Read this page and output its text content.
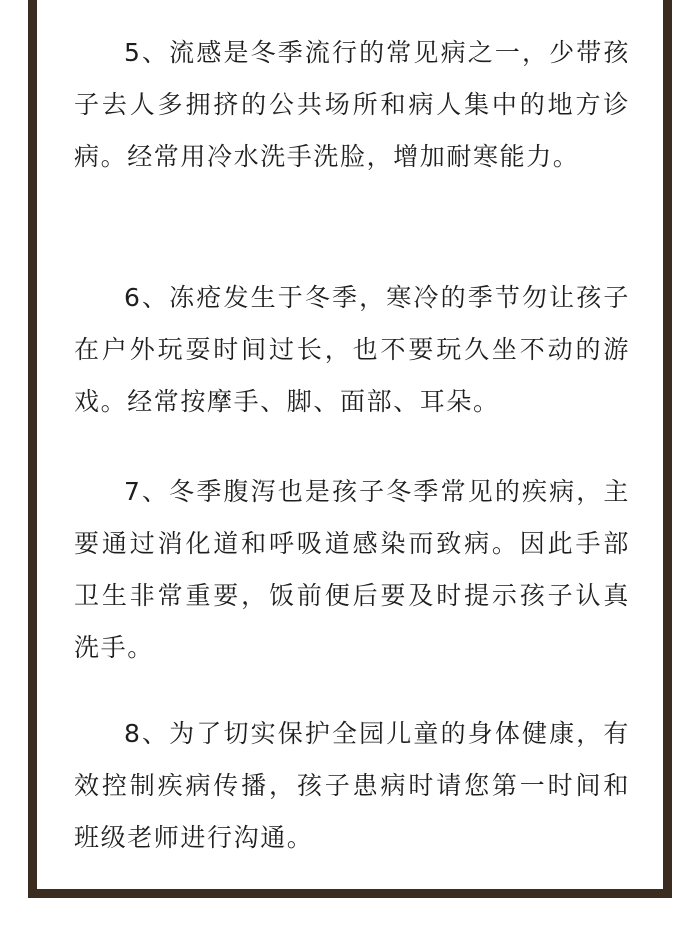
5、流感是冬季流行的常见病之一，少带孩子去人多拥挤的公共场所和病人集中的地方诊病。经常用冷水洗手洗脸，增加耐寒能力。

6、冻疮发生于冬季，寒冷的季节勿让孩子在户外玩耍时间过长，也不要玩久坐不动的游戏。经常按摩手、脚、面部、耳朵。

7、冬季腹泻也是孩子冬季常见的疾病，主要通过消化道和呼吸道感染而致病。因此手部卫生非常重要，饭前便后要及时提示孩子认真洗手。

8、为了切实保护全园儿童的身体健康，有效控制疾病传播，孩子患病时请您第一时间和班级老师进行沟通。
